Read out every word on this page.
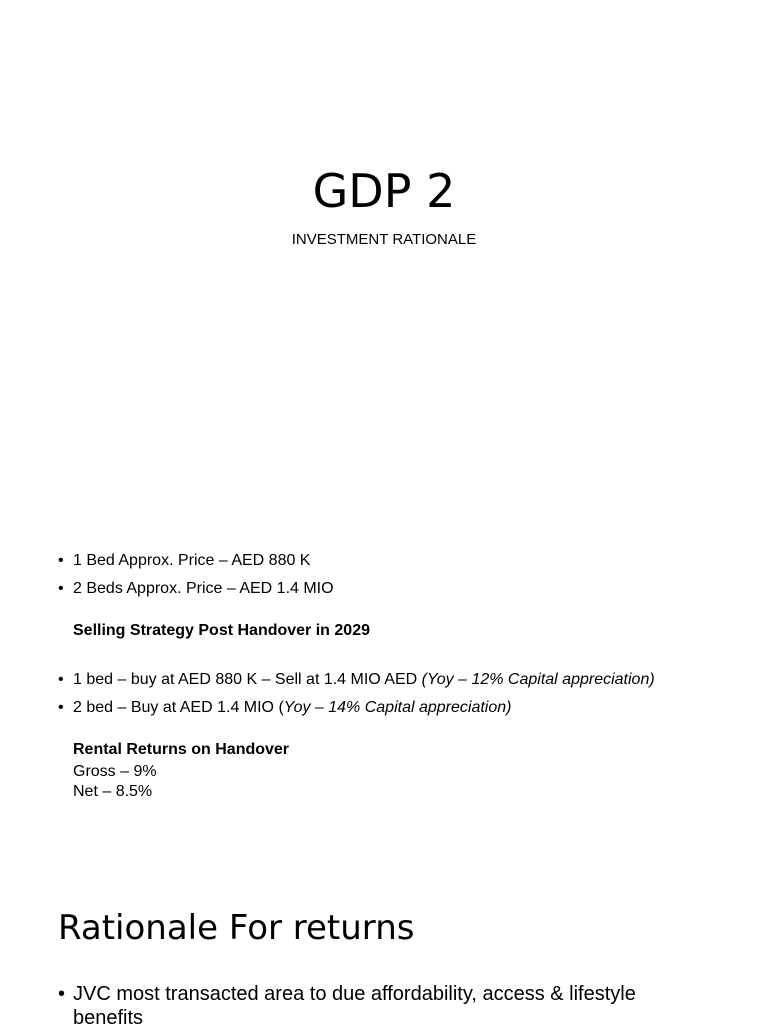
GDP 2
INVESTMENT RATIONALE
• 1 Bed Approx. Price – AED 880 K
• 2 Beds Approx. Price – AED 1.4 MIO
Selling Strategy Post Handover in 2029
• 1 bed – buy at AED 880 K – Sell at 1.4 MIO AED (Yoy – 12% Capital appreciation)
• 2 bed – Buy at AED 1.4 MIO (Yoy – 14% Capital appreciation)
Rental Returns on Handover
Gross – 9%
Net – 8.5%
Rationale For returns
• JVC most transacted area to due affordability, access & lifestyle benefits
